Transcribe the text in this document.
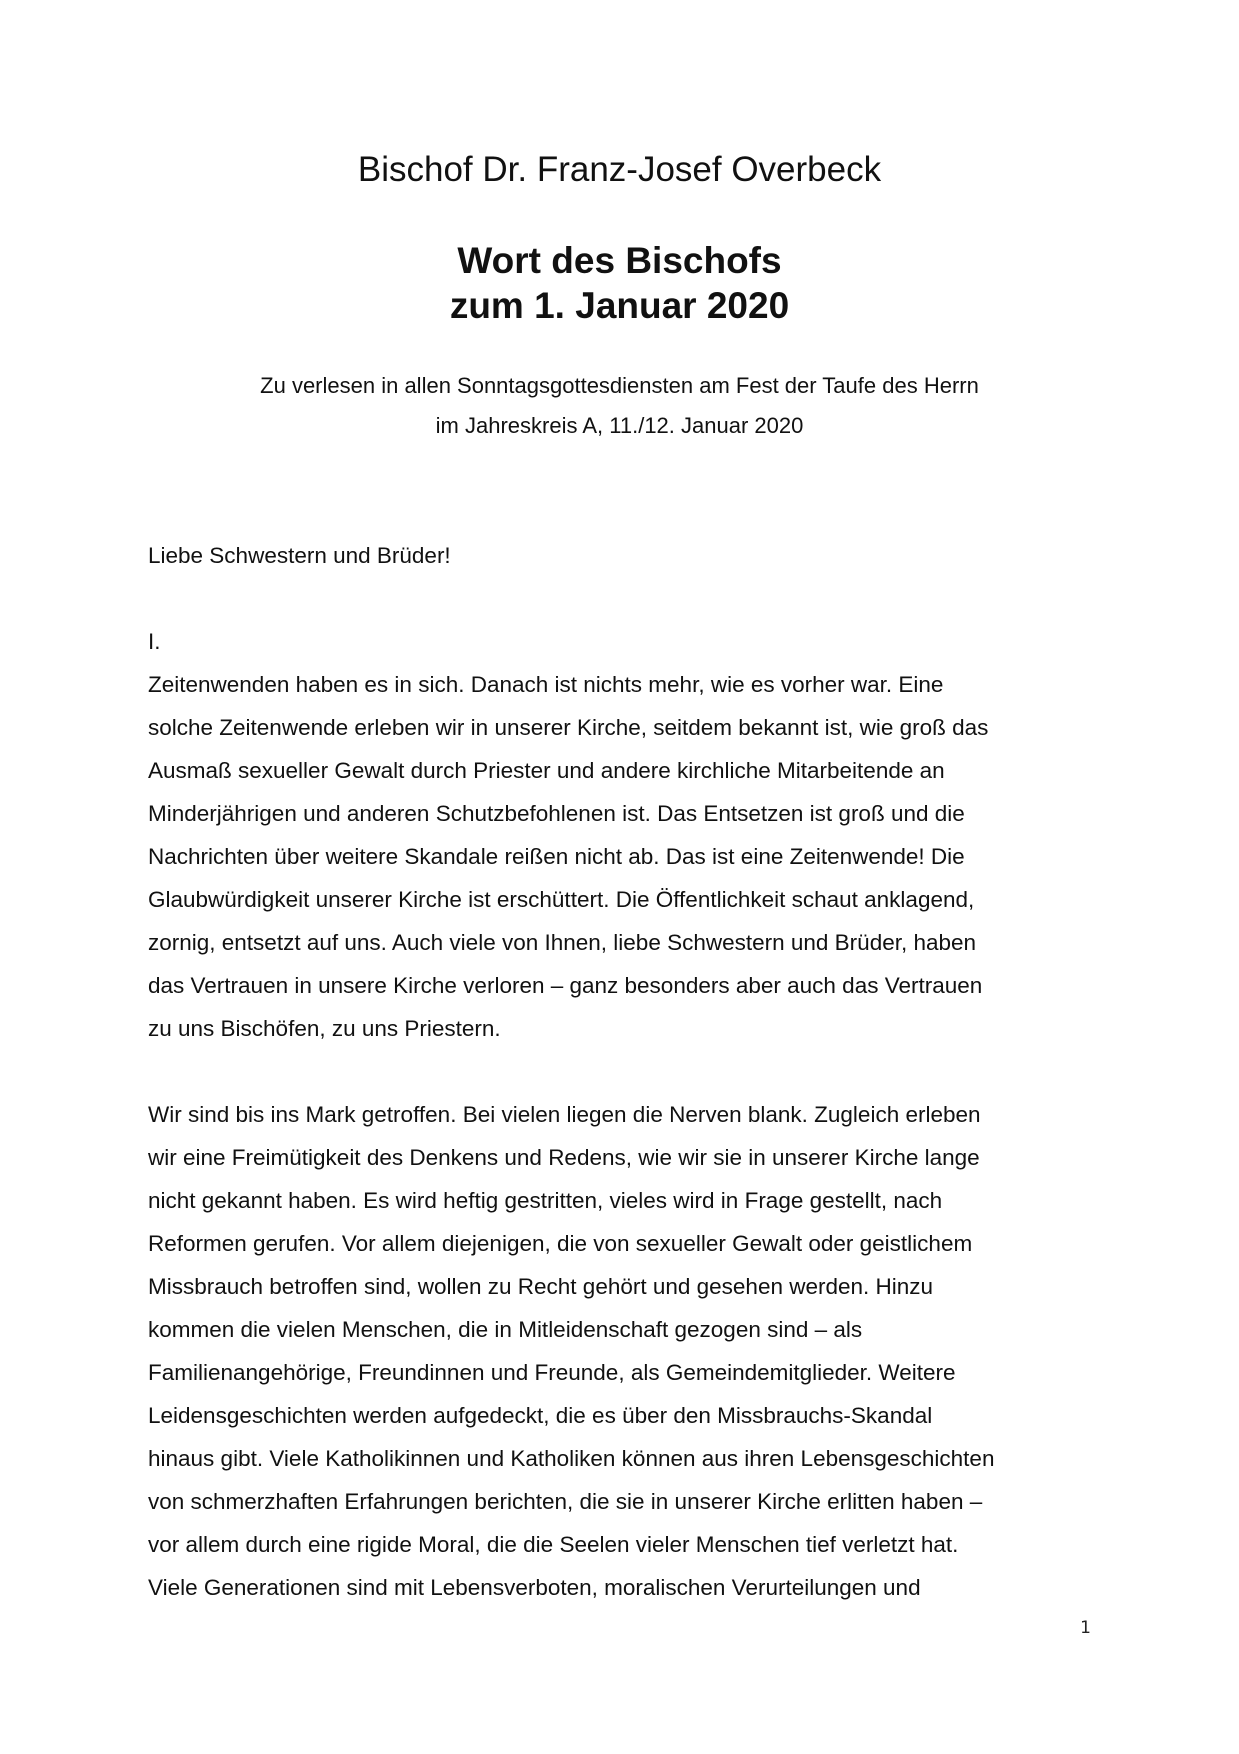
Bischof Dr. Franz-Josef Overbeck
Wort des Bischofs
zum 1. Januar 2020

Zu verlesen in allen Sonntagsgottesdiensten am Fest der Taufe des Herrn
im Jahreskreis A, 11./12. Januar 2020

Liebe Schwestern und Brüder!

I.

Zeitenwenden haben es in sich. Danach ist nichts mehr, wie es vorher war. Eine
solche Zeitenwende erleben wir in unserer Kirche, seitdem bekannt ist, wie groß das
Ausmaß sexueller Gewalt durch Priester und andere kirchliche Mitarbeitende an
Minderjährigen und anderen Schutzbefohlenen ist. Das Entsetzen ist groß und die
Nachrichten über weitere Skandale reißen nicht ab. Das ist eine Zeitenwende! Die
Glaubwürdigkeit unserer Kirche ist erschüttert. Die Öffentlichkeit schaut anklagend,
zornig, entsetzt auf uns. Auch viele von Ihnen, liebe Schwestern und Brüder, haben
das Vertrauen in unsere Kirche verloren – ganz besonders aber auch das Vertrauen
zu uns Bischöfen, zu uns Priestern.

Wir sind bis ins Mark getroffen. Bei vielen liegen die Nerven blank. Zugleich erleben
wir eine Freimütigkeit des Denkens und Redens, wie wir sie in unserer Kirche lange
nicht gekannt haben. Es wird heftig gestritten, vieles wird in Frage gestellt, nach
Reformen gerufen. Vor allem diejenigen, die von sexueller Gewalt oder geistlichem
Missbrauch betroffen sind, wollen zu Recht gehört und gesehen werden. Hinzu
kommen die vielen Menschen, die in Mitleidenschaft gezogen sind – als
Familienangehörige, Freundinnen und Freunde, als Gemeindemitglieder. Weitere
Leidensgeschichten werden aufgedeckt, die es über den Missbrauchs-Skandal
hinaus gibt. Viele Katholikinnen und Katholiken können aus ihren Lebensgeschichten
von schmerzhaften Erfahrungen berichten, die sie in unserer Kirche erlitten haben –
vor allem durch eine rigide Moral, die die Seelen vieler Menschen tief verletzt hat.
Viele Generationen sind mit Lebensverboten, moralischen Verurteilungen und

1
